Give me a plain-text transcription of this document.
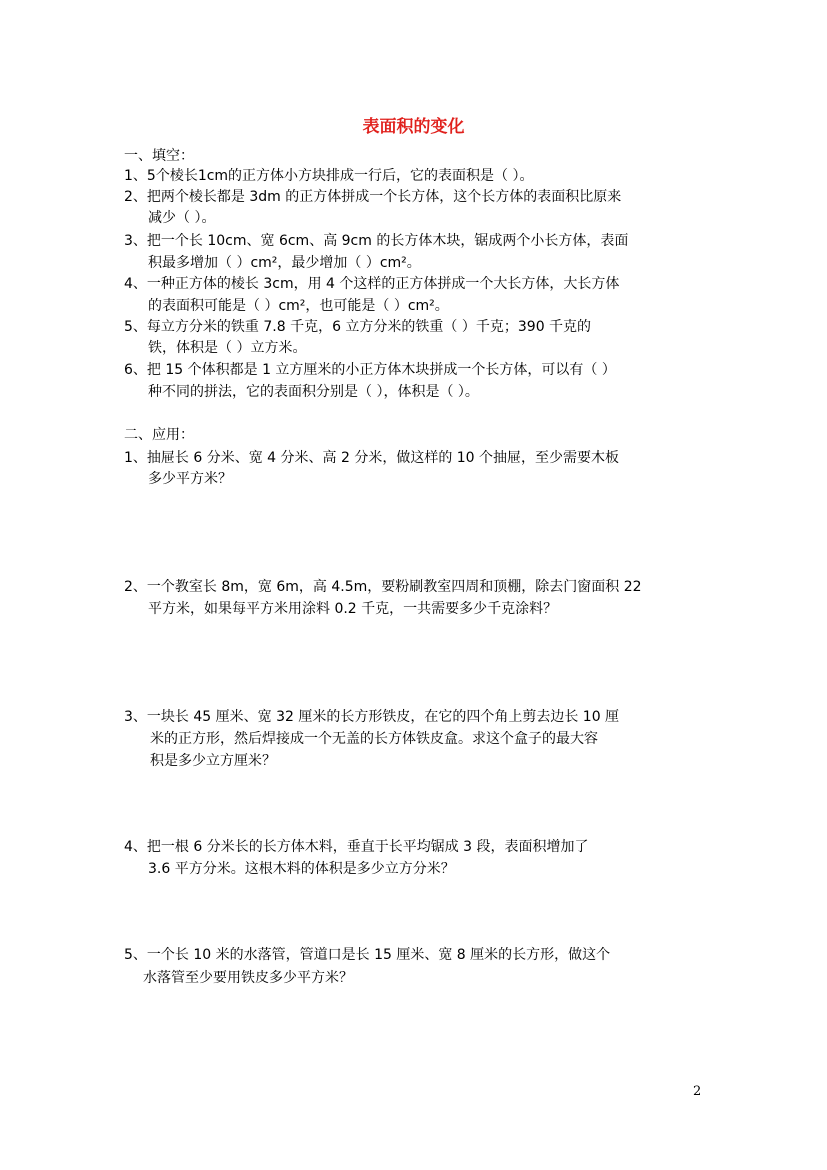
表面积的变化
一、填空：
1、5个棱长1cm的正方体小方块排成一行后，它的表面积是（ ）。
2、把两个棱长都是 3dm 的正方体拼成一个长方体，这个长方体的表面积比原来
减少（ ）。
3、把一个长 10cm、宽 6cm、高 9cm 的长方体木块，锯成两个小长方体，表面
积最多增加（ ）cm²，最少增加（ ）cm²。
4、一种正方体的棱长 3cm，用 4 个这样的正方体拼成一个大长方体，大长方体
的表面积可能是（ ）cm²，也可能是（ ）cm²。
5、每立方分米的铁重 7.8 千克，6 立方分米的铁重（ ）千克；390 千克的
铁，体积是（ ）立方米。
6、把 15 个体积都是 1 立方厘米的小正方体木块拼成一个长方体，可以有（ ）
种不同的拼法，它的表面积分别是（ ），体积是（ ）。
二、应用：
1、抽屉长 6 分米、宽 4 分米、高 2 分米，做这样的 10 个抽屉，至少需要木板
多少平方米？
2、一个教室长 8m，宽 6m，高 4.5m，要粉刷教室四周和顶棚，除去门窗面积 22
平方米，如果每平方米用涂料 0.2 千克，一共需要多少千克涂料？
3、一块长 45 厘米、宽 32 厘米的长方形铁皮，在它的四个角上剪去边长 10 厘
米的正方形，然后焊接成一个无盖的长方体铁皮盒。求这个盒子的最大容
积是多少立方厘米？
4、把一根 6 分米长的长方体木料，垂直于长平均锯成 3 段，表面积增加了
3.6 平方分米。这根木料的体积是多少立方分米？
5、一个长 10 米的水落管，管道口是长 15 厘米、宽 8 厘米的长方形，做这个
水落管至少要用铁皮多少平方米？
2
